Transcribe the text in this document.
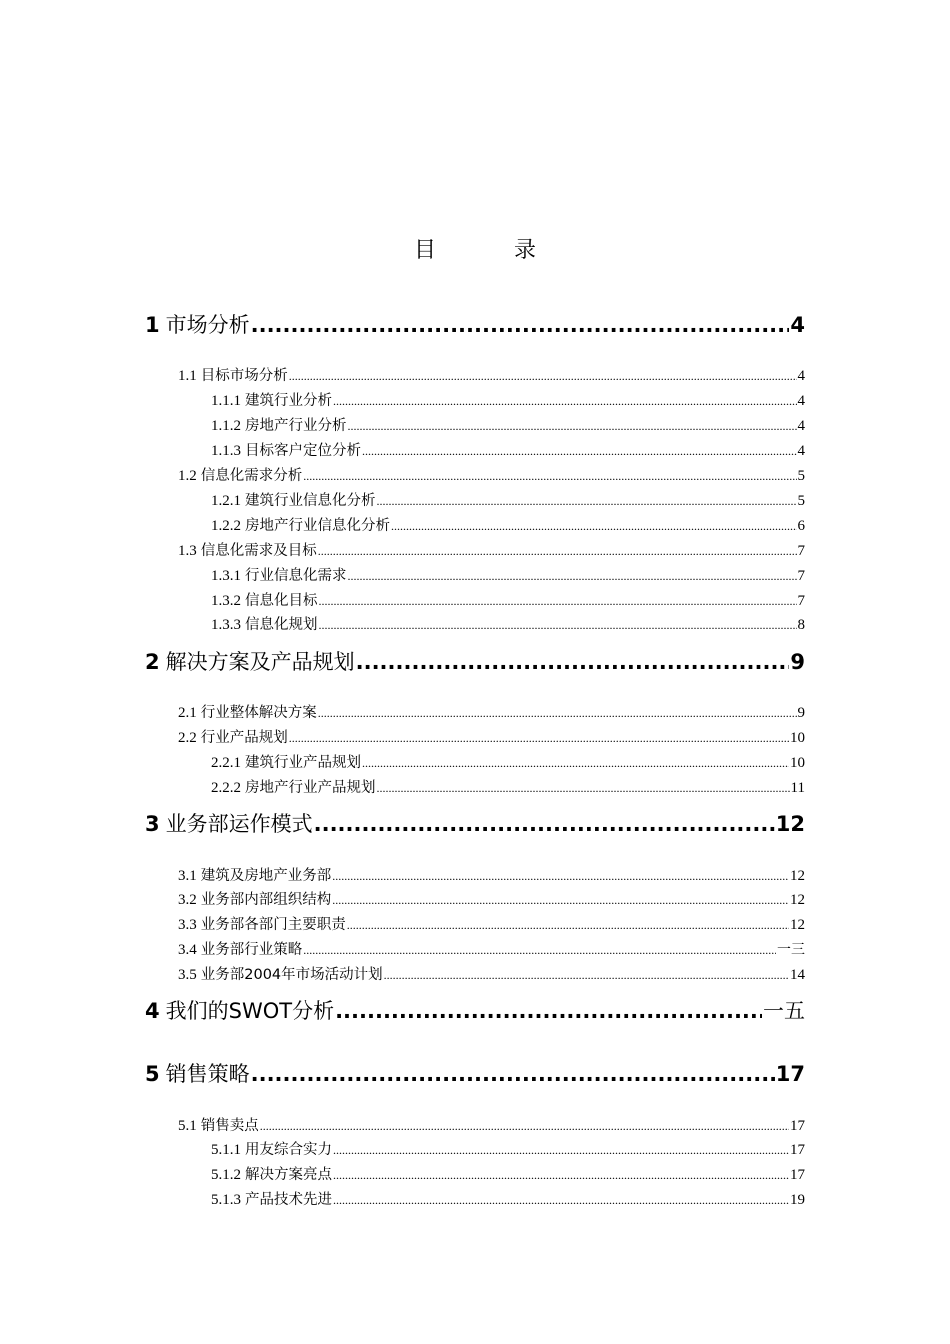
目　录
1 市场分析 .....	4
1.1 目标市场分析 .....	4
1.1.1 建筑行业分析 .....	4
1.1.2 房地产行业分析 .....	4
1.1.3 目标客户定位分析 .....	4
1.2 信息化需求分析 .....	5
1.2.1 建筑行业信息化分析 .....	5
1.2.2 房地产行业信息化分析 .....	6
1.3 信息化需求及目标 .....	7
1.3.1 行业信息化需求 .....	7
1.3.2 信息化目标 .....	7
1.3.3 信息化规划 .....	8
2 解决方案及产品规划 .....	9
2.1 行业整体解决方案 .....	9
2.2 行业产品规划 .....	10
2.2.1 建筑行业产品规划 .....	10
2.2.2 房地产行业产品规划 .....	11
3 业务部运作模式 .....	12
3.1 建筑及房地产业务部 .....	12
3.2 业务部内部组织结构 .....	12
3.3 业务部各部门主要职责 .....	12
3.4 业务部行业策略 .....	一三
3.5 业务部2004年市场活动计划 .....	14
4 我们的SWOT分析 .....	一五
5 销售策略 .....	17
5.1 销售卖点 .....	17
5.1.1 用友综合实力 .....	17
5.1.2 解决方案亮点 .....	17
5.1.3 产品技术先进 .....	19
